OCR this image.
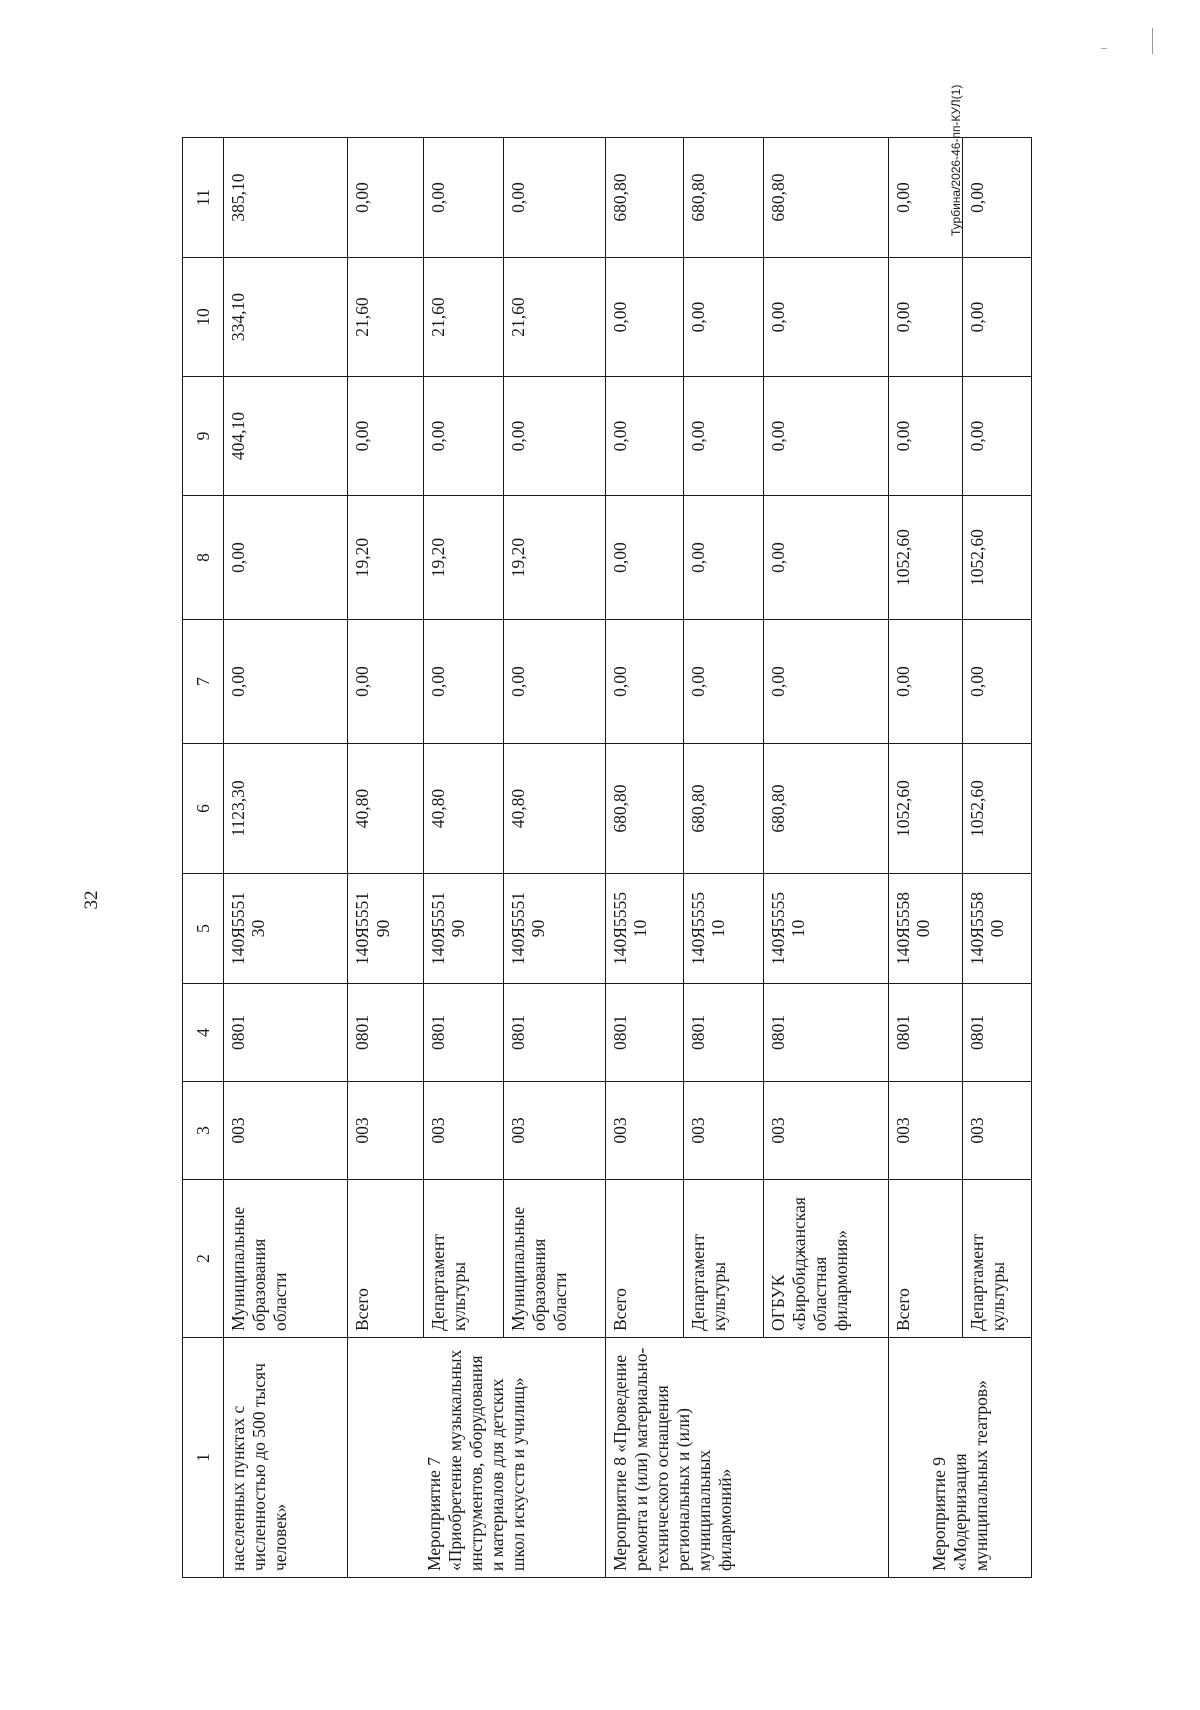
32
Турбина/2026-46-пп-КУЛ(1)
1	2	3	4	5	6	7	8	9	10	11
населенных пунктах с численностью до 500 тысяч человек»	Муниципальные образования области	003	0801	140Я5551 30	1123,30	0,00	0,00	404,10	334,10	385,10
Мероприятие 7 «Приобретение музыкальных инструментов, оборудования и материалов для детских школ искусств и училищ»	Всего	003	0801	140Я5551 90	40,80	0,00	19,20	0,00	21,60	0,00
	Департамент культуры	003	0801	140Я5551 90	40,80	0,00	19,20	0,00	21,60	0,00
	Муниципальные образования области	003	0801	140Я5551 90	40,80	0,00	19,20	0,00	21,60	0,00
Мероприятие 8 «Проведение ремонта и (или) материально-технического оснащения региональных и (или) муниципальных филармоний»	Всего	003	0801	140Я5555 10	680,80	0,00	0,00	0,00	0,00	680,80
	Департамент культуры	003	0801	140Я5555 10	680,80	0,00	0,00	0,00	0,00	680,80
	ОГБУК «Биробиджанская областная филармония»	003	0801	140Я5555 10	680,80	0,00	0,00	0,00	0,00	680,80
Мероприятие 9 «Модернизация муниципальных театров»	Всего	003	0801	140Я5558 00	1052,60	0,00	1052,60	0,00	0,00	0,00
	Департамент культуры	003	0801	140Я5558 00	1052,60	0,00	1052,60	0,00	0,00	0,00
